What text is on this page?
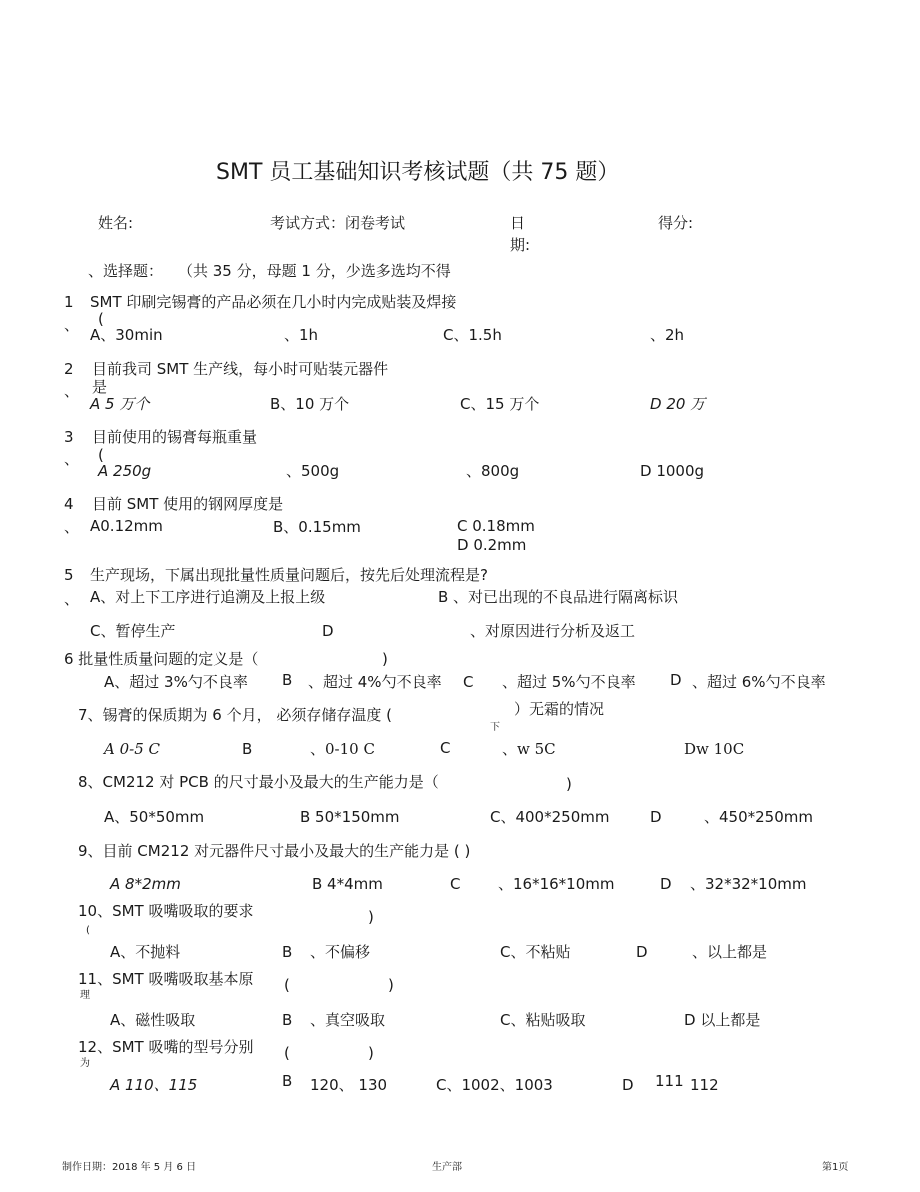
SMT 员工基础知识考核试题（共 75 题）
姓名:	考试方式：闭卷考试	日
期:
得分:
、选择题： （共 35 分，母题 1 分，少选多选均不得
1
、
SMT 印刷完锡膏的产品必须在几小时内完成贴装及焊接
(
A、30min	、1h	C、1.5h	、2h
2
、
目前我司 SMT 生产线，每小时可贴装元器件
是
A 5 万个	B、10 万个	C、15 万个	D 20 万
3
、
目前使用的锡膏每瓶重量
(
A 250g	、500g	、800g	D 1000g
4
、
目前 SMT 使用的钢网厚度是
A0.12mm	B、0.15mm	C 0.18mm
D 0.2mm
5
、
生产现场，下属出现批量性质量问题后，按先后处理流程是?
A、对上下工序进行追溯及上报上级	B 、对已出现的不良品进行隔离标识
C、暂停生产	D	、对原因进行分析及返工
6 批量性质量问题的定义是（	)
A、超过 3%勺不良率 B 、超过 4%勺不良率 C 、超过 5%勺不良率 D 、超过 6%勺不良率
7、锡膏的保质期为 6 个月， 必须存储存温度 (
下
）无霜的情况
A 0-5 C	B	、0-10 C	C	、w 5C	Dw 10C
8、CM212 对 PCB 的尺寸最小及最大的生产能力是（	)
A、50*50mm	B 50*150mm	C、400*250mm	D	、450*250mm
9、目前 CM212 对元器件尺寸最小及最大的生产能力是 ( )
A 8*2mm	B 4*4mm	C	、16*16*10mm	D 、32*32*10mm
10、SMT 吸嘴吸取的要求
(
)
A、不抛料	B 、不偏移	C、不粘贴	D	、以上都是
11、SMT 吸嘴吸取基本原
理
(	)
A、磁性吸取	B 、真空吸取	C、粘贴吸取	D 以上都是
12、SMT 吸嘴的型号分别
为
(	)
A 110、115	B 120、 130	C、1002、1003	D 111 112
制作日期：2018 年 5 月 6 日	生产部	第1页
